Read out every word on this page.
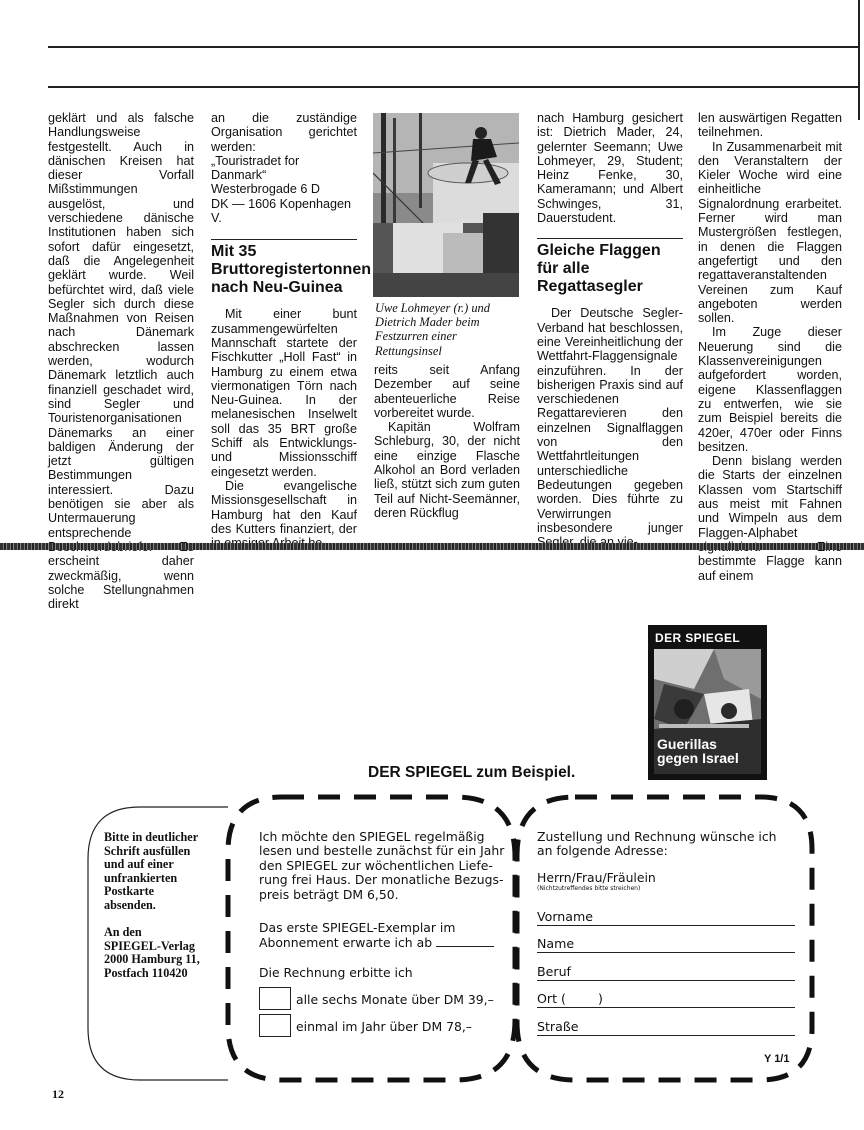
geklärt und als falsche Handlungsweise festgestellt. Auch in dänischen Kreisen hat dieser Vorfall Mißstimmungen ausgelöst, und verschiedene dänische Institutionen haben sich sofort dafür eingesetzt, daß die Angelegenheit geklärt wurde. Weil befürchtet wird, daß viele Segler sich durch diese Maßnahmen von Reisen nach Dänemark abschrecken lassen werden, wodurch Dänemark letztlich auch finanziell geschadet wird, sind Segler und Touristenorganisationen Dänemarks an einer baldigen Änderung der jetzt gültigen Bestimmungen interessiert. Dazu benötigen sie aber als Untermauerung entsprechende erscheint daher zweckmäßig, wenn solche Stellungnahmen direkt

an die zuständige Organisation gerichtet werden:

„Touristradet for Danmark“

Westerbrogade 6 D

DK — 1606 Kopenhagen V.

Mit 35 Bruttoregistertonnen nach Neu-Guinea

Mit einer bunt zusammengewürfelten Mannschaft startete der Fischkutter „Holl Fast“ in Hamburg zu einem etwa viermonatigen Törn nach Neu-Guinea. In der melanesischen Inselwelt soll das 35 BRT große Schiff als Entwicklungs- und Missionsschiff eingesetzt werden.

Die evangelische Missionsgesellschaft in Hamburg hat den Kauf des Kutters finanziert, der

Uwe Lohmeyer (r.) und Dietrich Mader beim Festzurren einer Rettungsinsel

reits seit Anfang Dezember auf seine abenteuerliche Reise vorbereitet wurde.

Kapitän Wolfram Schleburg, 30, der nicht eine einzige Flasche Alkohol an Bord verladen ließ, stützt sich zum guten Teil auf Nicht-Seemänner, deren Rückflug

nach Hamburg gesichert ist: Dietrich Mader, 24, gelernter Seemann; Uwe Lohmeyer, 29, Student; Heinz Fenke, 30, Kameramann; und Albert Schwinges, 31, Dauerstudent.

Gleiche Flaggen für alle Regattasegler

Der Deutsche Segler-Verband hat beschlossen, eine Vereinheitlichung der Wettfahrt-Flaggensignale einzuführen. In der bisherigen Praxis sind auf verschiedenen Regattarevieren den einzelnen Signalflaggen von den Wettfahrtleitungen unterschiedliche Bedeutungen gegeben worden. Dies führte zu Verwirrungen insbesondere junger

len auswärtigen Regatten teilnehmen.

In Zusammenarbeit mit den Veranstaltern der Kieler Woche wird eine einheitliche Signalordnung erarbeitet. Ferner wird man Mustergrößen festlegen, in denen die Flaggen angefertigt und den regattaveranstaltenden Vereinen zum Kauf angeboten werden sollen.

Im Zuge dieser Neuerung sind die Klassenvereinigungen aufgefordert worden, eigene Klassenflaggen zu entwerfen, wie sie zum Beispiel bereits die 420er, 470er oder Finns besitzen.

Denn bislang werden die Starts der einzelnen Klassen vom Startschiff aus meist mit Fahnen und Wimpeln aus dem Flaggen-Alphabet bestimmte Flagge kann auf einem

DER SPIEGEL
Guerillas
gegen Israel
DER SPIEGEL zum Beispiel.
Bitte in deutlicher
Schrift ausfüllen
und auf einer
unfrankierten
Postkarte
absenden.
An den
SPIEGEL-Verlag
2000 Hamburg 11,
Postfach 110420
Ich möchte den SPIEGEL regelmäßig
lesen und bestelle zunächst für ein Jahr
den SPIEGEL zur wöchentlichen Liefe-
rung frei Haus. Der monatliche Bezugs-
preis beträgt DM 6,50.
Das erste SPIEGEL-Exemplar im
Abonnement erwarte ich ab
Die Rechnung erbitte ich
alle sechs Monate über DM 39,–
einmal im Jahr über DM 78,–
Zustellung und Rechnung wünsche ich
an folgende Adresse:
Herrn/Frau/Fräulein
(Nichtzutreffendes bitte streichen)
Vorname
Name
Beruf
Ort (        )
Straße
Y 1/1
12
